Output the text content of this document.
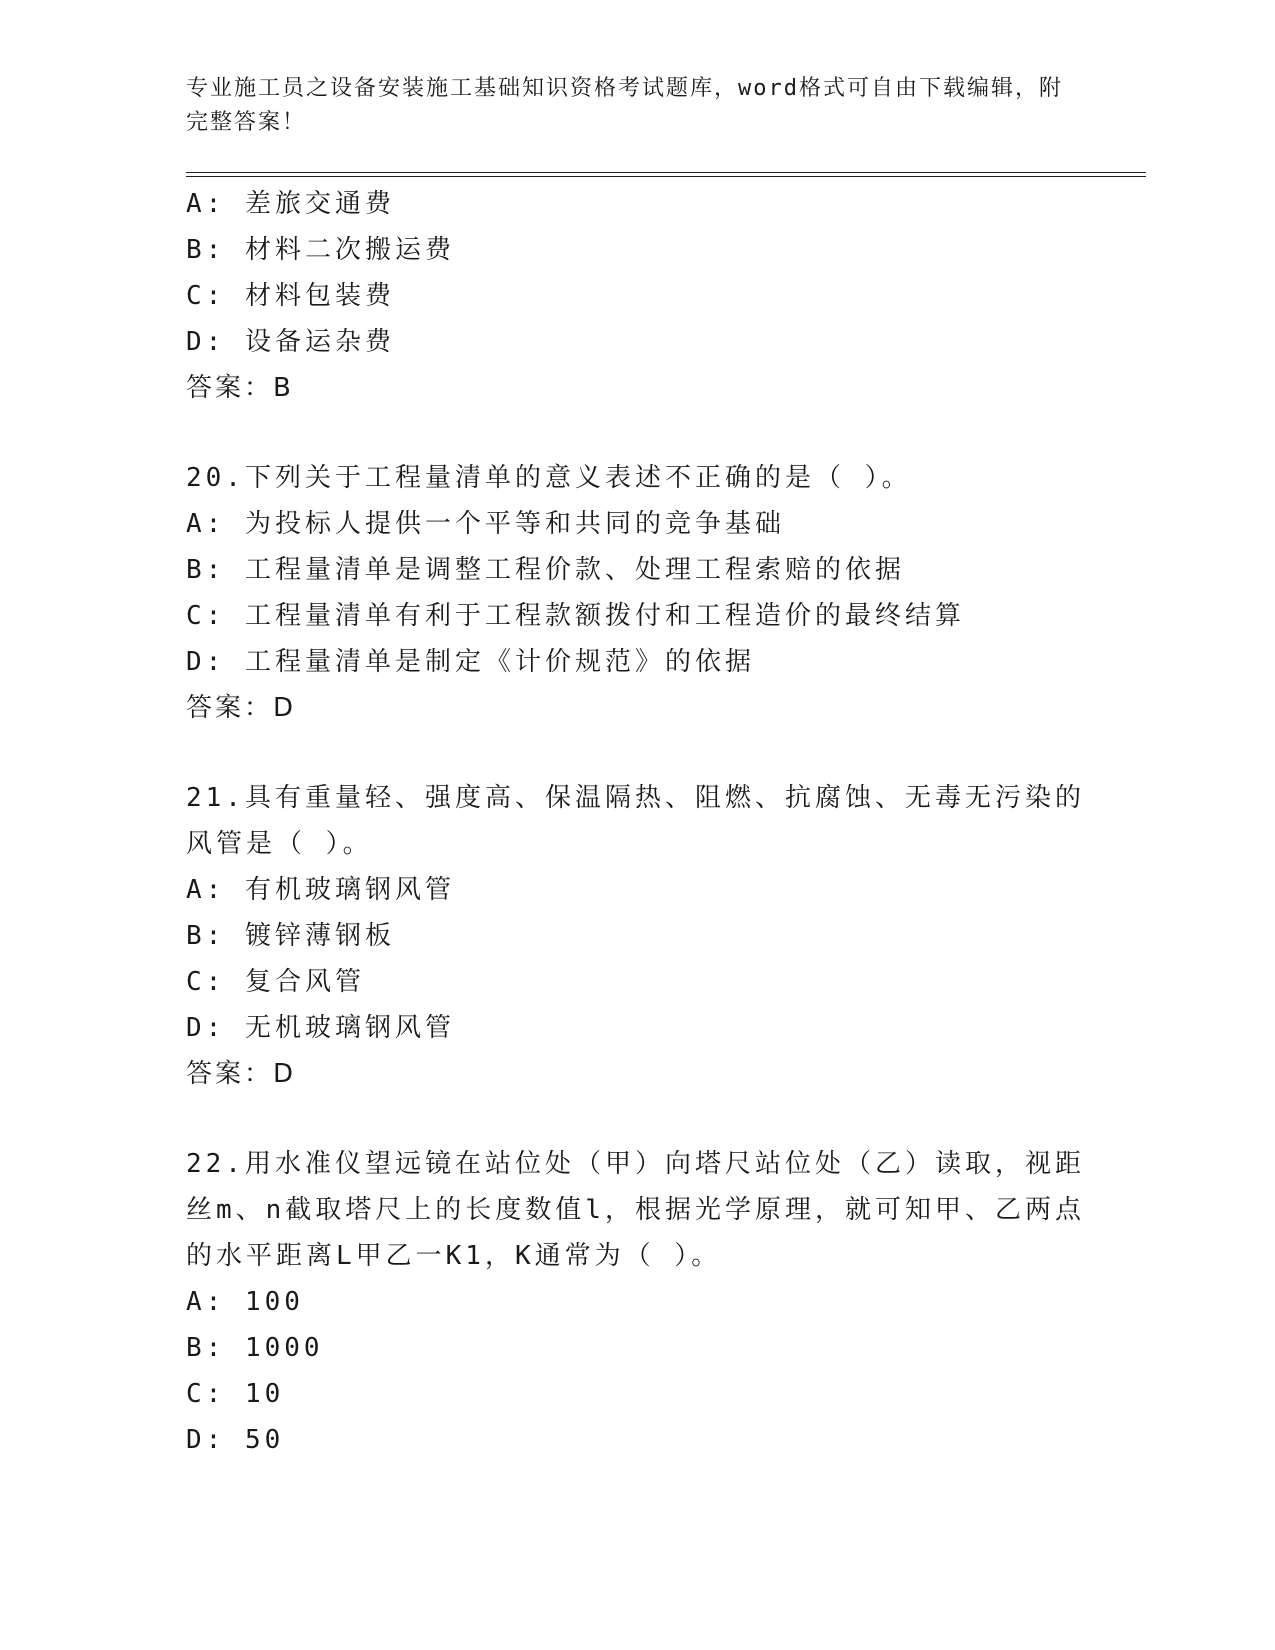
专业施工员之设备安装施工基础知识资格考试题库，word格式可自由下载编辑，附完整答案！

A: 差旅交通费

B: 材料二次搬运费

C: 材料包装费

D: 设备运杂费

答案：B

20.下列关于工程量清单的意义表述不正确的是（ ）。

A: 为投标人提供一个平等和共同的竞争基础

B: 工程量清单是调整工程价款、处理工程索赔的依据

C: 工程量清单有利于工程款额拨付和工程造价的最终结算

D: 工程量清单是制定《计价规范》的依据

答案：D

21.具有重量轻、强度高、保温隔热、阻燃、抗腐蚀、无毒无污染的风管是（ ）。

A: 有机玻璃钢风管

B: 镀锌薄钢板

C: 复合风管

D: 无机玻璃钢风管

答案：D

22.用水准仪望远镜在站位处（甲）向塔尺站位处（乙）读取，视距丝m、n截取塔尺上的长度数值l，根据光学原理，就可知甲、乙两点的水平距离L甲乙一K1，K通常为（ ）。

A: 100

B: 1000

C: 10

D: 50
